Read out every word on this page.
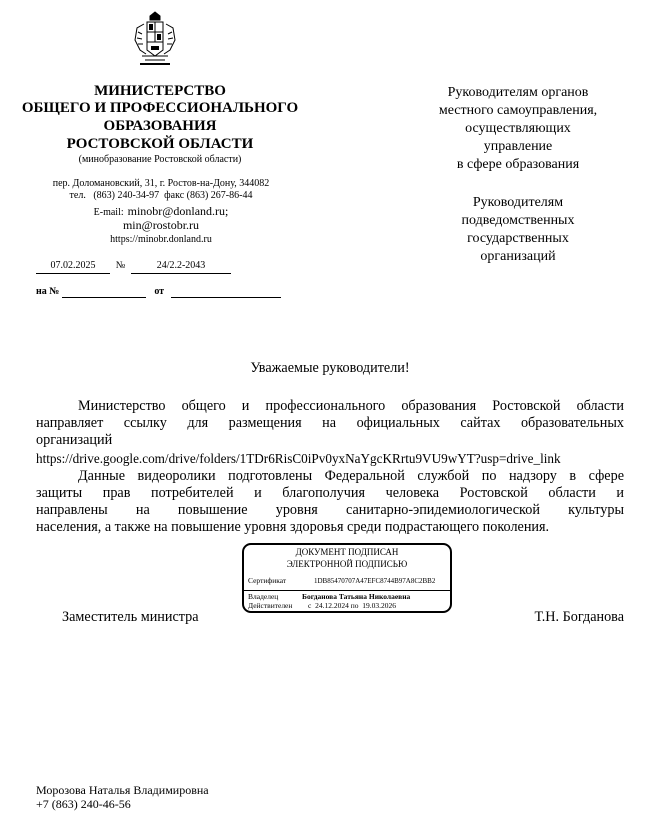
МИНИСТЕРСТВО
ОБЩЕГО И ПРОФЕССИОНАЛЬНОГО
ОБРАЗОВАНИЯ
РОСТОВСКОЙ ОБЛАСТИ
(минобразование Ростовской области)
пер. Доломановский, 31, г. Ростов-на-Дону, 344082
тел.   (863) 240-34-97  факс (863) 267-86-44
E-mail: minobr@donland.ru;
min@rostobr.ru
https://minobr.donland.ru
07.02.2025 №	24/2.2-2043
на №	от
Руководителям органов
местного самоуправления,
осуществляющих
управление
в сфере образования
Руководителям
подведомственных
государственных
организаций
Уважаемые руководители!
Министерство общего и профессионального образования Ростовской области
направляет ссылку для размещения на официальных сайтах образовательных
организаций
https://drive.google.com/drive/folders/1TDr6RisC0iPv0yxNaYgcKRrtu9VU9wYT?usp=drive_link
Данные видеоролики подготовлены Федеральной службой по надзору в сфере
защиты прав потребителей и благополучия человека Ростовской области и
направлены на повышение уровня санитарно-эпидемиологической культуры
населения, а также на повышение уровня здоровья среди подрастающего поколения.
ДОКУМЕНТ ПОДПИСАН
ЭЛЕКТРОННОЙ ПОДПИСЬЮ
Сертификат	1DB85470707A47EFC8744B97A8C2BB2
Владелец	Богданова Татьяна Николаевна
Действителен с  24.12.2024 по  19.03.2026
Заместитель министра	Т.Н. Богданова
Морозова Наталья Владимировна
+7 (863) 240-46-56
